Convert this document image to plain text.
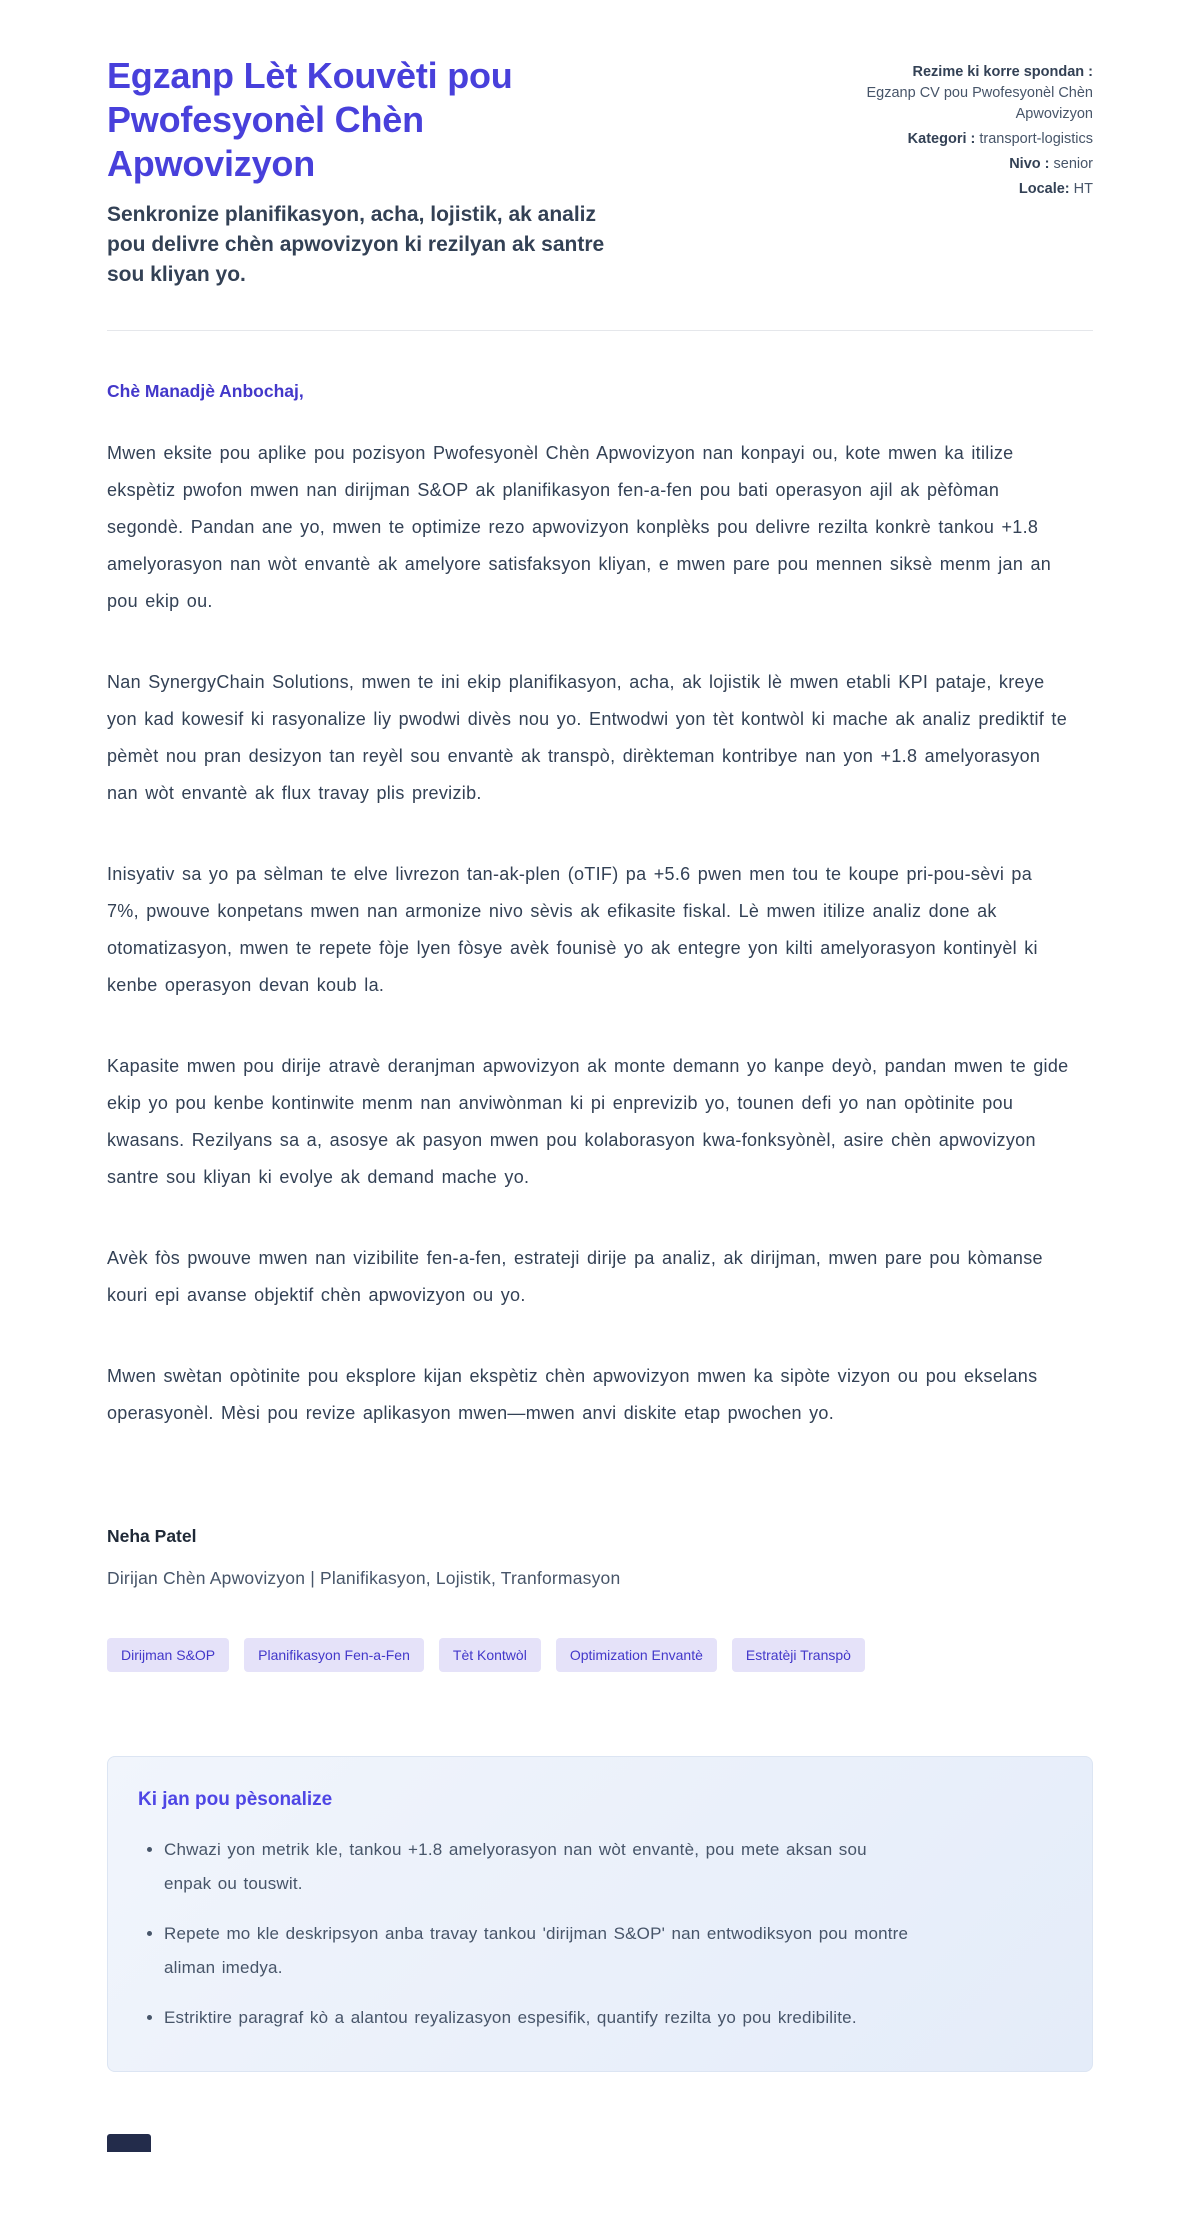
Egzanp Lèt Kouvèti pou Pwofesyonèl Chèn Apwovizyon
Senkronize planifikasyon, acha, lojistik, ak analiz pou delivre chèn apwovizyon ki rezilyan ak santre sou kliyan yo.
Rezime ki korre spondan :
Egzanp CV pou Pwofesyonèl Chèn Apwovizyon
Kategori : transport-logistics
Nivo : senior
Locale: HT
Chè Manadjè Anbochaj,

Mwen eksite pou aplike pou pozisyon Pwofesyonèl Chèn Apwovizyon nan konpayi ou, kote mwen ka itilize ekspètiz pwofon mwen nan dirijman S&OP ak planifikasyon fen-a-fen pou bati operasyon ajil ak pèfòman segondè. Pandan ane yo, mwen te optimize rezo apwovizyon konplèks pou delivre rezilta konkrè tankou +1.8 amelyorasyon nan wòt envantè ak amelyore satisfaksyon kliyan, e mwen pare pou mennen siksè menm jan an pou ekip ou.

Nan SynergyChain Solutions, mwen te ini ekip planifikasyon, acha, ak lojistik lè mwen etabli KPI pataje, kreye yon kad kowesif ki rasyonalize liy pwodwi divès nou yo. Entwodwi yon tèt kontwòl ki mache ak analiz prediktif te pèmèt nou pran desizyon tan reyèl sou envantè ak transpò, dirèkteman kontribye nan yon +1.8 amelyorasyon nan wòt envantè ak flux travay plis previzib.

Inisyativ sa yo pa sèlman te elve livrezon tan-ak-plen (oTIF) pa +5.6 pwen men tou te koupe pri-pou-sèvi pa 7%, pwouve konpetans mwen nan armonize nivo sèvis ak efikasite fiskal. Lè mwen itilize analiz done ak otomatizasyon, mwen te repete fòje lyen fòsye avèk founisè yo ak entegre yon kilti amelyorasyon kontinyèl ki kenbe operasyon devan koub la.

Kapasite mwen pou dirije atravè deranjman apwovizyon ak monte demann yo kanpe deyò, pandan mwen te gide ekip yo pou kenbe kontinwite menm nan anviwònman ki pi enprevizib yo, tounen defi yo nan opòtinite pou kwasans. Rezilyans sa a, asosye ak pasyon mwen pou kolaborasyon kwa-fonksyònèl, asire chèn apwovizyon santre sou kliyan ki evolye ak demand mache yo.

Avèk fòs pwouve mwen nan vizibilite fen-a-fen, estrateji dirije pa analiz, ak dirijman, mwen pare pou kòmanse kouri epi avanse objektif chèn apwovizyon ou yo.

Mwen swètan opòtinite pou eksplore kijan ekspètiz chèn apwovizyon mwen ka sipòte vizyon ou pou ekselans operasyonèl. Mèsi pou revize aplikasyon mwen—mwen anvi diskite etap pwochen yo.

Neha Patel
Dirijan Chèn Apwovizyon | Planifikasyon, Lojistik, Tranformasyon
Dirijman S&OP	Planifikasyon Fen-a-Fen	Tèt Kontwòl	Optimization Envantè	Estratèji Transpò
Ki jan pou pèsonalize
• Chwazi yon metrik kle, tankou +1.8 amelyorasyon nan wòt envantè, pou mete aksan sou enpak ou touswit.
• Repete mo kle deskripsyon anba travay tankou 'dirijman S&OP' nan entwodiksyon pou montre aliman imedya.
• Estriktire paragraf kò a alantou reyalizasyon espesifik, quantify rezilta yo pou kredibilite.
